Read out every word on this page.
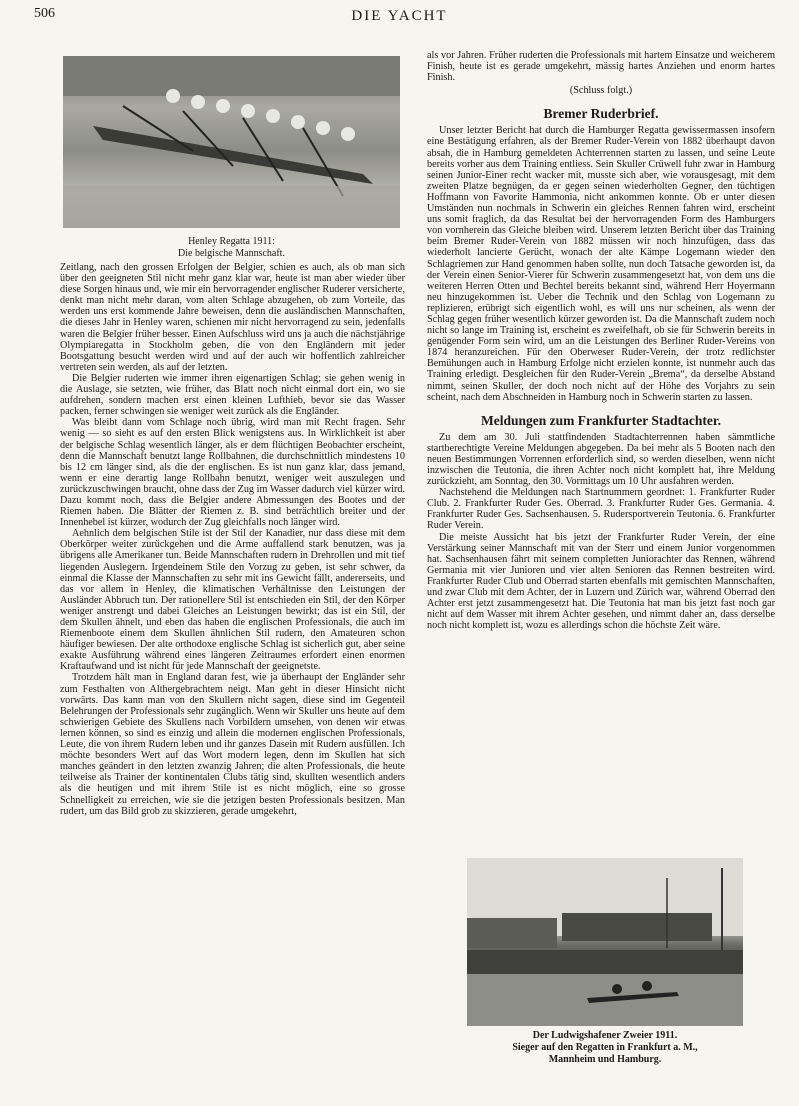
506	DIE YACHT
Henley Regatta 1911:
Die belgische Mannschaft.

Zeitlang, nach den grossen Erfolgen der Belgier, schien es auch, als ob man sich über den geeigneten Stil nicht mehr ganz klar war, heute ist man aber wieder über diese Sorgen hinaus und, wie mir ein hervorragender englischer Ruderer versicherte, denkt man nicht mehr daran, vom alten Schlage abzugehen, ob zum Vorteile, das werden uns erst kommende Jahre beweisen, denn die ausländischen Mannschaften, die dieses Jahr in Henley waren, schienen mir nicht hervorragend zu sein, jedenfalls waren die Belgier früher besser. Einen Aufschluss wird uns ja auch die nächstjährige Olympiaregatta in Stockholm geben, die von den Engländern mit jeder Bootsgattung besucht werden wird und auf der auch wir hoffentlich zahlreicher vertreten sein werden, als auf der letzten.

Die Belgier ruderten wie immer ihren eigenartigen Schlag; sie gehen wenig in die Auslage, sie setzten, wie früher, das Blatt noch nicht einmal dort ein, wo sie aufdrehen, sondern machen erst einen kleinen Lufthieb, bevor sie das Wasser packen, ferner schwingen sie weniger weit zurück als die Engländer.

Was bleibt dann vom Schlage noch übrig, wird man mit Recht fragen. Sehr wenig — so sieht es auf den ersten Blick wenigstens aus. In Wirklichkeit ist aber der belgische Schlag wesentlich länger, als er dem flüchtigen Beobachter erscheint, denn die Mannschaft benutzt lange Rollbahnen, die durchschnittlich mindestens 10 bis 12 cm länger sind, als die der englischen. Es ist nun ganz klar, dass jemand, wenn er eine derartig lange Rollbahn benutzt, weniger weit auszulegen und zurückzuschwingen braucht, ohne dass der Zug im Wasser dadurch viel kürzer wird. Dazu kommt noch, dass die Belgier andere Abmessungen des Bootes und der Riemen haben. Die Blätter der Riemen z. B. sind beträchtlich breiter und der Innenhebel ist kürzer, wodurch der Zug gleichfalls noch länger wird.

Aehnlich dem belgischen Stile ist der Stil der Kanadier, nur dass diese mit dem Oberkörper weiter zurückgehen und die Arme auffallend stark benutzen, was ja übrigens alle Amerikaner tun. Beide Mannschaften rudern in Drehrollen und mit tief liegenden Auslegern. Irgendeinem Stile den Vorzug zu geben, ist sehr schwer, da einmal die Klasse der Mannschaften zu sehr mit ins Gewicht fällt, andererseits, und das vor allem in Henley, die klimatischen Verhältnisse den Leistungen der Ausländer Abbruch tun. Der rationellere Stil ist entschieden ein Stil, der den Körper weniger anstrengt und dabei Gleiches an Leistungen bewirkt; das ist ein Stil, der dem Skullen ähnelt, und eben das haben die englischen Professionals, die auch im Riemenboote einem dem Skullen ähnlichen Stil rudern, den Amateuren schon häufiger bewiesen. Der alte orthodoxe englische Schlag ist sicherlich gut, aber seine exakte Ausführung während eines längeren Zeitraumes erfordert einen enormen Kraftaufwand und ist nicht für jede Mannschaft der geeignetste.

Trotzdem hält man in England daran fest, wie ja überhaupt der Engländer sehr zum Festhalten von Althergebrachtem neigt. Man geht in dieser Hinsicht nicht vorwärts. Das kann man von den Skullern nicht sagen, diese sind im Gegenteil Belehrungen der Professionals sehr zugänglich. Wenn wir Skuller uns heute auf dem schwierigen Gebiete des Skullens nach Vorbildern umsehen, von denen wir etwas lernen können, so sind es einzig und allein die modernen englischen Professionals, Leute, die von ihrem Rudern leben und ihr ganzes Dasein mit Rudern ausfüllen. Ich möchte besonders Wert auf das Wort modern legen, denn im Skullen hat sich manches geändert in den letzten zwanzig Jahren; die alten Professionals, die heute teilweise als Trainer der kontinentalen Clubs tätig sind, skullten wesentlich anders als die heutigen und mit ihrem Stile ist es nicht möglich, eine so grosse Schnelligkeit zu erreichen, wie sie die jetzigen besten Professionals besitzen. Man rudert, um das Bild grob zu skizzieren, gerade umgekehrt,

als vor Jahren. Früher ruderten die Professionals mit hartem Einsatze und weicherem Finish, heute ist es gerade umgekehrt, mässig hartes Anziehen und enorm hartes Finish.

(Schluss folgt.)

Bremer Ruderbrief.

Unser letzter Bericht hat durch die Hamburger Regatta gewissermassen insofern eine Bestätigung erfahren, als der Bremer Ruder-Verein von 1882 überhaupt davon absah, die in Hamburg gemeldeten Achterrennen starten zu lassen, und seine Leute bereits vorher aus dem Training entliess. Sein Skuller Crüwell fuhr zwar in Hamburg seinen Junior-Einer recht wacker mit, musste sich aber, wie vorausgesagt, mit dem zweiten Platze begnügen, da er gegen seinen wiederholten Gegner, den tüchtigen Hoffmann von Favorite Hammonia, nicht ankommen konnte. Ob er unter diesen Umständen nun nochmals in Schwerin ein gleiches Rennen fahren wird, erscheint uns somit fraglich, da das Resultat bei der hervorragenden Form des Hamburgers von vornherein das Gleiche bleiben wird. Unserem letzten Bericht über das Training beim Bremer Ruder-Verein von 1882 müssen wir noch hinzufügen, dass das wiederholt lancierte Gerücht, wonach der alte Kämpe Logemann wieder den Schlagriemen zur Hand genommen haben sollte, nun doch Tatsache geworden ist, da der Verein einen Senior-Vierer für Schwerin zusammengesetzt hat, von dem uns die weiteren Herren Otten und Bechtel bereits bekannt sind, während Herr Hoyermann neu hinzugekommen ist. Ueber die Technik und den Schlag von Logemann zu replizieren, erübrigt sich eigentlich wohl, es will uns nur scheinen, als wenn der Schlag gegen früher wesentlich kürzer geworden ist. Da die Mannschaft zudem noch nicht so lange im Training ist, erscheint es zweifelhaft, ob sie für Schwerin bereits in genügender Form sein wird, um an die Leistungen des Berliner Ruder-Vereins von 1874 heranzureichen. Für den Oberweser Ruder-Verein, der trotz redlichster Bemühungen auch in Hamburg Erfolge nicht erzielen konnte, ist nunmehr auch das Training erledigt. Desgleichen für den Ruder-Verein „Brema“, da derselbe Abstand nimmt, seinen Skuller, der doch noch nicht auf der Höhe des Vorjahrs zu sein scheint, nach dem Abschneiden in Hamburg noch in Schwerin starten zu lassen.

Meldungen zum Frankfurter Stadtachter.

Zu dem am 30. Juli stattfindenden Stadtachterrennen haben sämmtliche startberechtigte Vereine Meldungen abgegeben. Da bei mehr als 5 Booten nach den neuen Bestimmungen Vorrennen erforderlich sind, so werden dieselben, wenn nicht inzwischen die Teutonia, die ihren Achter noch nicht komplett hat, ihre Meldung zurückzieht, am Sonntag, den 30. Vormittags um 10 Uhr ausfahren werden.

Nachstehend die Meldungen nach Startnummern geordnet: 1. Frankfurter Ruder Club. 2. Frankfurter Ruder Ges. Oberrad. 3. Frankfurter Ruder Ges. Germania. 4. Frankfurter Ruder Ges. Sachsenhausen. 5. Rudersportverein Teutonia. 6. Frankfurter Ruder Verein.

Die meiste Aussicht hat bis jetzt der Frankfurter Ruder Verein, der eine Verstärkung seiner Mannschaft mit van der Sterr und einem Junior vorgenommen hat. Sachsenhausen fährt mit seinem completten Juniorachter das Rennen, während Germania mit vier Junioren und vier alten Senioren das Rennen bestreiten wird. Frankfurter Ruder Club und Oberrad starten ebenfalls mit gemischten Mannschaften, und zwar Club mit dem Achter, der in Luzern und Zürich war, während Oberrad den Achter erst jetzt zusammengesetzt hat. Die Teutonia hat man bis jetzt fast noch gar nicht auf dem Wasser mit ihrem Achter gesehen, und nimmt daher an, dass derselbe noch nicht komplett ist, wozu es allerdings schon die höchste Zeit wäre.

Der Ludwigshafener Zweier 1911.
Sieger auf den Regatten in Frankfurt a. M.,
Mannheim und Hamburg.
